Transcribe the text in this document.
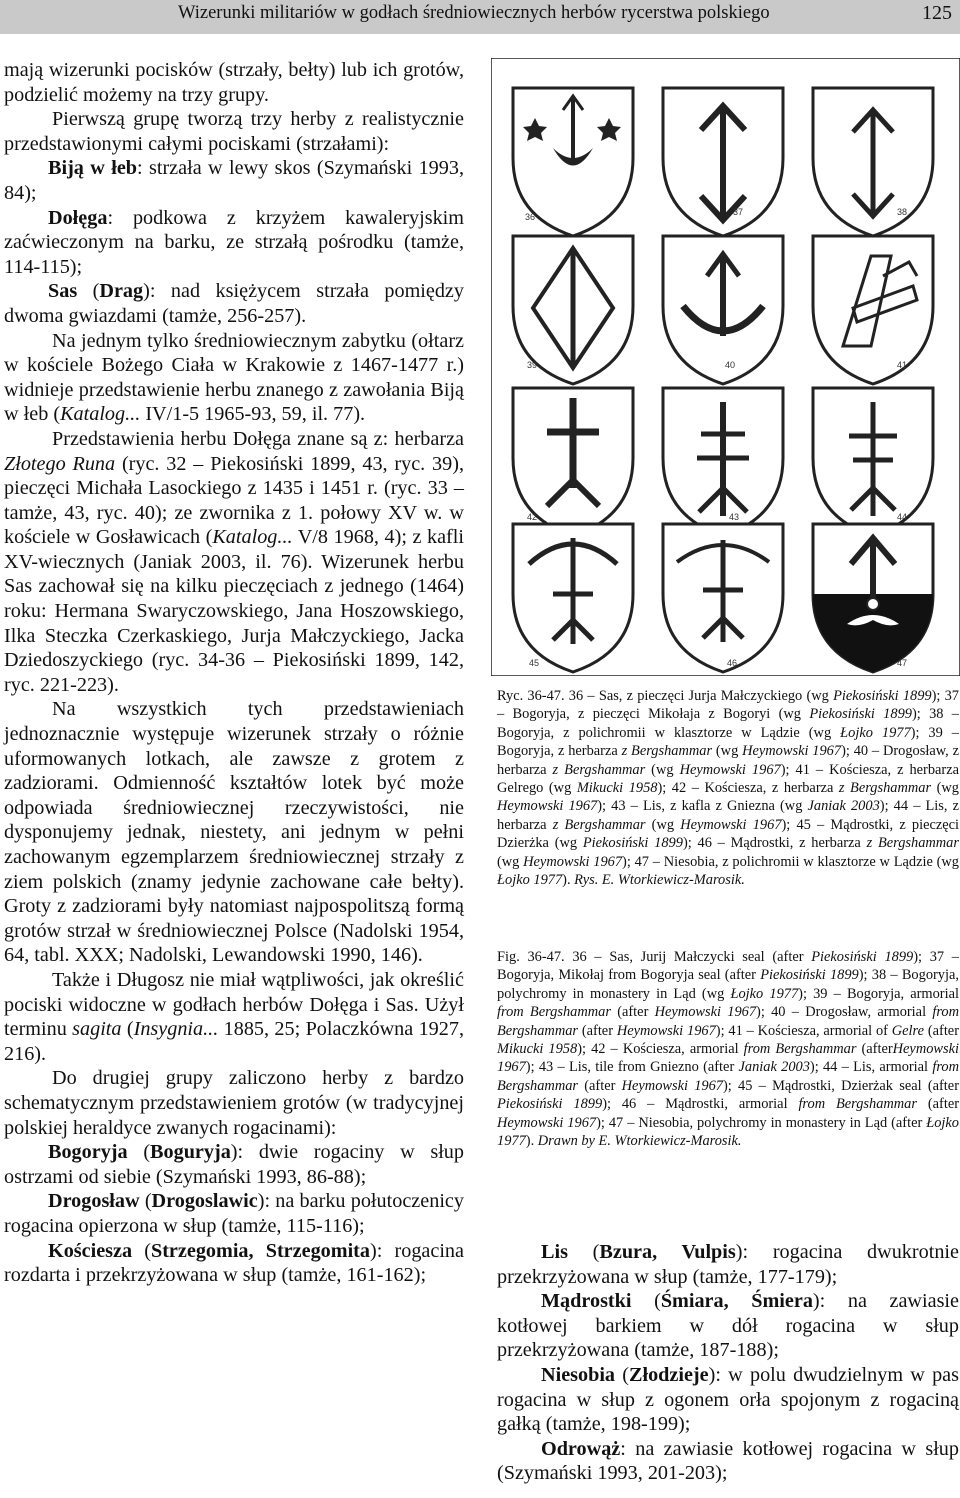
Wizerunki militariów w godłach średniowiecznych herbów rycerstwa polskiego	125

mają wizerunki pocisków (strzały, bełty) lub ich grotów, podzielić możemy na trzy grupy.

Pierwszą grupę tworzą trzy herby z realistycznie przedstawionymi całymi pociskami (strzałami):

Biją w łeb: strzała w lewy skos (Szymański 1993, 84);

Dołęga: podkowa z krzyżem kawaleryjskim zaćwieczonym na barku, ze strzałą pośrodku (tamże, 114-115);

Sas (Drag): nad księżycem strzała pomiędzy dwoma gwiazdami (tamże, 256-257).

Na jednym tylko średniowiecznym zabytku (ołtarz w kościele Bożego Ciała w Krakowie z 1467-1477 r.) widnieje przedstawienie herbu znanego z zawołania Biją w łeb (Katalog... IV/1-5 1965-93, 59, il. 77).

Przedstawienia herbu Dołęga znane są z: herbarza Złotego Runa (ryc. 32 – Piekosiński 1899, 43, ryc. 39), pieczęci Michała Lasockiego z 1435 i 1451 r. (ryc. 33 – tamże, 43, ryc. 40); ze zwornika z 1. połowy XV w. w kościele w Gosławicach (Katalog... V/8 1968, 4); z kafli XV-wiecznych (Janiak 2003, il. 76). Wizerunek herbu Sas zachował się na kilku pieczęciach z jednego (1464) roku: Hermana Swaryczowskiego, Jana Hoszowskiego, Ilka Steczka Czerkaskiego, Jurja Małczyckiego, Jacka Dziedoszyckiego (ryc. 34-36 – Piekosiński 1899, 142, ryc. 221-223).

Na wszystkich tych przedstawieniach jednoznacznie występuje wizerunek strzały o różnie uformowanych lotkach, ale zawsze z grotem z zadziorami. Odmienność kształtów lotek być może odpowiada średniowiecznej rzeczywistości, nie dysponujemy jednak, niestety, ani jednym w pełni zachowanym egzemplarzem średniowiecznej strzały z ziem polskich (znamy jedynie zachowane całe bełty). Groty z zadziorami były natomiast najpospolitszą formą grotów strzał w średniowiecznej Polsce (Nadolski 1954, 64, tabl. XXX; Nadolski, Lewandowski 1990, 146).

Także i Długosz nie miał wątpliwości, jak określić pociski widoczne w godłach herbów Dołęga i Sas. Użył terminu sagita (Insygnia... 1885, 25; Polaczkówna 1927, 216).

Do drugiej grupy zaliczono herby z bardzo schematycznym przedstawieniem grotów (w tradycyjnej polskiej heraldyce zwanych rogacinami):

Bogoryja (Boguryja): dwie rogaciny w słup ostrzami od siebie (Szymański 1993, 86-88);

Drogosław (Drogoslawic): na barku połutoczenicy rogacina opierzona w słup (tamże, 115-116);

Kościesza (Strzegomia, Strzegomita): rogacina rozdarta i przekrzyżowana w słup (tamże, 161-162);

36	37	38
39	40	41
42	43	44
45	46	47
Ryc. 36-47. 36 – Sas, z pieczęci Jurja Małczyckiego (wg Piekosiński 1899); 37 – Bogoryja, z pieczęci Mikołaja z Bogoryi (wg Piekosiński 1899); 38 – Bogoryja, z polichromii w klasztorze w Lądzie (wg Łojko 1977); 39 – Bogoryja, z herbarza z Bergshammar (wg Heymowski 1967); 40 – Drogosław, z herbarza z Bergshammar (wg Heymowski 1967); 41 – Kościesza, z herbarza Gelrego (wg Mikucki 1958); 42 – Kościesza, z herbarza z Bergshammar (wg Heymowski 1967); 43 – Lis, z kafla z Gniezna (wg Janiak 2003); 44 – Lis, z herbarza z Bergshammar (wg Heymowski 1967); 45 – Mądrostki, z pieczęci Dzierżka (wg Piekosiński 1899); 46 – Mądrostki, z herbarza z Bergshammar (wg Heymowski 1967); 47 – Niesobia, z polichromii w klasztorze w Lądzie (wg Łojko 1977). Rys. E. Wtorkiewicz-Marosik.
Fig. 36-47. 36 – Sas, Jurij Małczycki seal (after Piekosiński 1899); 37 – Bogoryja, Mikołaj from Bogoryja seal (after Piekosiński 1899); 38 – Bogoryja, polychromy in monastery in Ląd (wg Łojko 1977); 39 – Bogoryja, armorial from Bergshammar (after Heymowski 1967); 40 – Drogosław, armorial from Bergshammar (after Heymowski 1967); 41 – Kościesza, armorial of Gelre (after Mikucki 1958); 42 – Kościesza, armorial from Bergshammar (afterHeymowski 1967); 43 – Lis, tile from Gniezno (after Janiak 2003); 44 – Lis, armorial from Bergshammar (after Heymowski 1967); 45 – Mądrostki, Dzierżak seal (after Piekosiński 1899); 46 – Mądrostki, armorial from Bergshammar (after Heymowski 1967); 47 – Niesobia, polychromy in monastery in Ląd (after Łojko 1977). Drawn by E. Wtorkiewicz-Marosik.

Lis (Bzura, Vulpis): rogacina dwukrotnie przekrzyżowana w słup (tamże, 177-179);

Mądrostki (Śmiara, Śmiera): na zawiasie kotłowej barkiem w dół rogacina w słup przekrzyżowana (tamże, 187-188);

Niesobia (Złodzieje): w polu dwudzielnym w pas rogacina w słup z ogonem orła spojonym z rogaciną gałką (tamże, 198-199);

Odrowąż: na zawiasie kotłowej rogacina w słup (Szymański 1993, 201-203);
